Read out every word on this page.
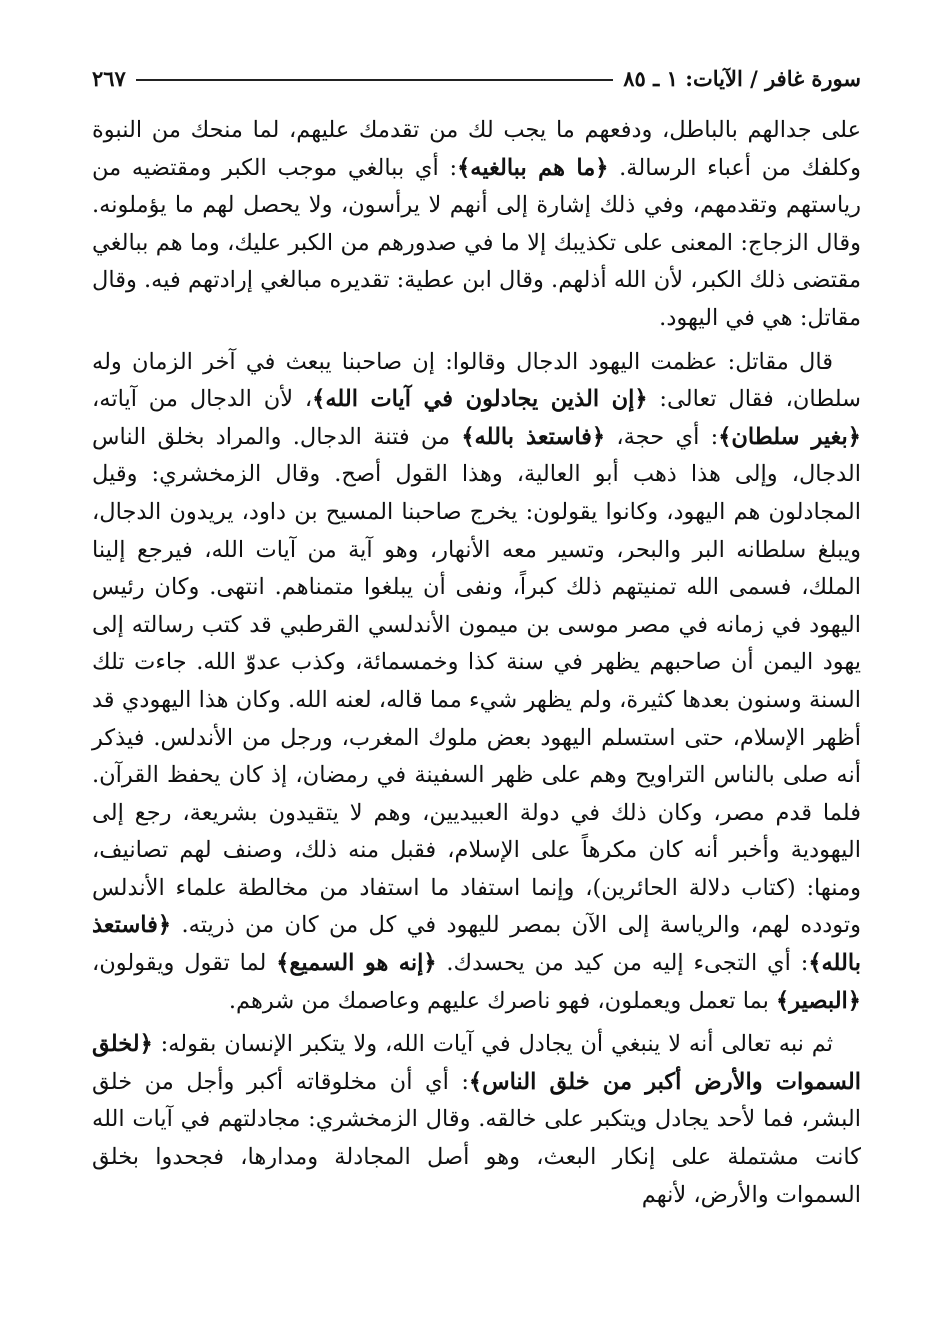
سورة غافر / الآيات: ١ ـ ٨٥
٢٦٧

على جدالهم بالباطل، ودفعهم ما يجب لك من تقدمك عليهم، لما منحك من النبوة وكلفك من أعباء الرسالة. ﴿ما هم ببالغيه﴾: أي ببالغي موجب الكبر ومقتضيه من رياستهم وتقدمهم، وفي ذلك إشارة إلى أنهم لا يرأسون، ولا يحصل لهم ما يؤملونه. وقال الزجاج: المعنى على تكذيبك إلا ما في صدورهم من الكبر عليك، وما هم ببالغي مقتضى ذلك الكبر، لأن الله أذلهم. وقال ابن عطية: تقديره مبالغي إرادتهم فيه. وقال مقاتل: هي في اليهود.

قال مقاتل: عظمت اليهود الدجال وقالوا: إن صاحبنا يبعث في آخر الزمان وله سلطان، فقال تعالى: ﴿إن الذين يجادلون في آيات الله﴾، لأن الدجال من آياته، ﴿بغير سلطان﴾: أي حجة، ﴿فاستعذ بالله﴾ من فتنة الدجال. والمراد بخلق الناس الدجال، وإلى هذا ذهب أبو العالية، وهذا القول أصح. وقال الزمخشري: وقيل المجادلون هم اليهود، وكانوا يقولون: يخرج صاحبنا المسيح بن داود، يريدون الدجال، ويبلغ سلطانه البر والبحر، وتسير معه الأنهار، وهو آية من آيات الله، فيرجع إلينا الملك، فسمى الله تمنيتهم ذلك كبراً، ونفى أن يبلغوا متمناهم. انتهى. وكان رئيس اليهود في زمانه في مصر موسى بن ميمون الأندلسي القرطبي قد كتب رسالته إلى يهود اليمن أن صاحبهم يظهر في سنة كذا وخمسمائة، وكذب عدوّ الله. جاءت تلك السنة وسنون بعدها كثيرة، ولم يظهر شيء مما قاله، لعنه الله. وكان هذا اليهودي قد أظهر الإسلام، حتى استسلم اليهود بعض ملوك المغرب، ورجل من الأندلس. فيذكر أنه صلى بالناس التراويح وهم على ظهر السفينة في رمضان، إذ كان يحفظ القرآن. فلما قدم مصر، وكان ذلك في دولة العبيديين، وهم لا يتقيدون بشريعة، رجع إلى اليهودية وأخبر أنه كان مكرهاً على الإسلام، فقبل منه ذلك، وصنف لهم تصانيف، ومنها: (كتاب دلالة الحائرين)، وإنما استفاد ما استفاد من مخالطة علماء الأندلس وتودده لهم، والرياسة إلى الآن بمصر لليهود في كل من كان من ذريته. ﴿فاستعذ بالله﴾: أي التجىء إليه من كيد من يحسدك. ﴿إنه هو السميع﴾ لما تقول ويقولون، ﴿البصير﴾ بما تعمل ويعملون، فهو ناصرك عليهم وعاصمك من شرهم.

ثم نبه تعالى أنه لا ينبغي أن يجادل في آيات الله، ولا يتكبر الإنسان بقوله: ﴿لخلق السموات والأرض أكبر من خلق الناس﴾: أي أن مخلوقاته أكبر وأجل من خلق البشر، فما لأحد يجادل ويتكبر على خالقه. وقال الزمخشري: مجادلتهم في آيات الله كانت مشتملة على إنكار البعث، وهو أصل المجادلة ومدارها، فجحدوا بخلق السموات والأرض، لأنهم
